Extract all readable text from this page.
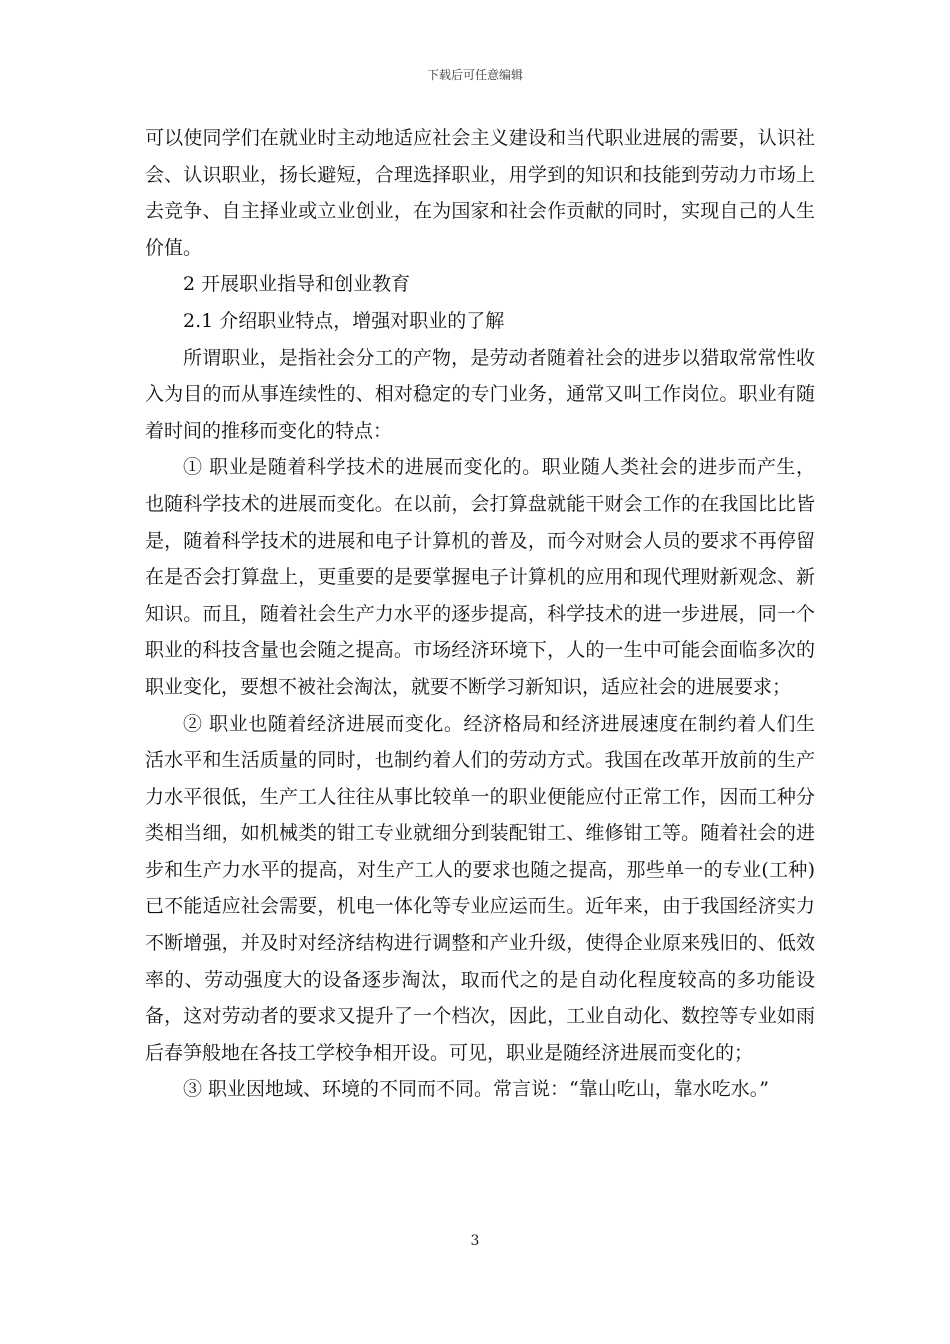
下载后可任意编辑

可以使同学们在就业时主动地适应社会主义建设和当代职业进展的需要，认识社会、认识职业，扬长避短，合理选择职业，用学到的知识和技能到劳动力市场上去竞争、自主择业或立业创业，在为国家和社会作贡献的同时，实现自己的人生价值。

2 开展职业指导和创业教育

2.1 介绍职业特点，增强对职业的了解

所谓职业，是指社会分工的产物，是劳动者随着社会的进步以猎取常常性收入为目的而从事连续性的、相对稳定的专门业务，通常又叫工作岗位。职业有随着时间的推移而变化的特点：

① 职业是随着科学技术的进展而变化的。职业随人类社会的进步而产生，也随科学技术的进展而变化。在以前，会打算盘就能干财会工作的在我国比比皆是，随着科学技术的进展和电子计算机的普及，而今对财会人员的要求不再停留在是否会打算盘上，更重要的是要掌握电子计算机的应用和现代理财新观念、新知识。而且，随着社会生产力水平的逐步提高，科学技术的进一步进展，同一个职业的科技含量也会随之提高。市场经济环境下，人的一生中可能会面临多次的职业变化，要想不被社会淘汰，就要不断学习新知识，适应社会的进展要求；

② 职业也随着经济进展而变化。经济格局和经济进展速度在制约着人们生活水平和生活质量的同时，也制约着人们的劳动方式。我国在改革开放前的生产力水平很低，生产工人往往从事比较单一的职业便能应付正常工作，因而工种分类相当细，如机械类的钳工专业就细分到装配钳工、维修钳工等。随着社会的进步和生产力水平的提高，对生产工人的要求也随之提高，那些单一的专业(工种)已不能适应社会需要，机电一体化等专业应运而生。近年来，由于我国经济实力不断增强，并及时对经济结构进行调整和产业升级，使得企业原来残旧的、低效率的、劳动强度大的设备逐步淘汰，取而代之的是自动化程度较高的多功能设备，这对劳动者的要求又提升了一个档次，因此，工业自动化、数控等专业如雨后春笋般地在各技工学校争相开设。可见，职业是随经济进展而变化的；

③ 职业因地域、环境的不同而不同。常言说：“靠山吃山，靠水吃水。”

3
